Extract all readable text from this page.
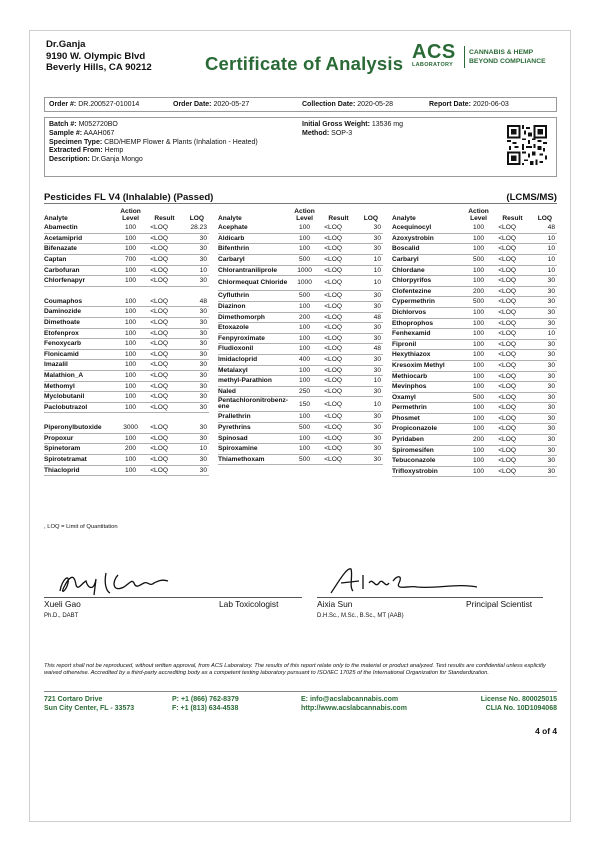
Dr.Ganja
9190 W. Olympic Blvd
Beverly Hills, CA 90212	Certificate of Analysis
ACS
LABORATORY
CANNABIS & HEMP
BEYOND COMPLIANCE
Order #: DR.200527-010014	Order Date: 2020-05-27	Collection Date: 2020-05-28	Report Date: 2020-06-03
Batch #: M052720BO
Sample #: AAAH067
Specimen Type: CBD/HEMP Flower & Plants (Inhalation - Heated)
Extracted From: Hemp
Description: Dr.Ganja Mongo
Initial Gross Weight: 13536 mg
Method: SOP-3
Pesticides FL V4 (Inhalable) (Passed)	(LCMS/MS)
Analyte	Action
Level	Result	LOQ
Abamectin	100	<LOQ	28.23
Acetamiprid	100	<LOQ	30
Bifenazate	100	<LOQ	30
Captan	700	<LOQ	30
Carbofuran	100	<LOQ	10
Chlorfenapyr	100	<LOQ	30

Coumaphos	100	<LOQ	48
Daminozide	100	<LOQ	30
Dimethoate	100	<LOQ	30
Etofenprox	100	<LOQ	30
Fenoxycarb	100	<LOQ	30
Flonicamid	100	<LOQ	30
Imazalil	100	<LOQ	30
Malathion_A	100	<LOQ	30
Methomyl	100	<LOQ	30
Myclobutanil	100	<LOQ	30
Paclobutrazol	100	<LOQ	30

Piperonylbutoxide	3000	<LOQ	30
Propoxur	100	<LOQ	30
Spinetoram	200	<LOQ	10
Spirotetramat	100	<LOQ	30
Thiacloprid	100	<LOQ	30
Analyte	Action
Level	Result	LOQ
Acephate	100	<LOQ	30
Aldicarb	100	<LOQ	30
Bifenthrin	100	<LOQ	30
Carbaryl	500	<LOQ	10
Chlorantraniliprole	1000	<LOQ	10
Chlormequat Chloride	1000	<LOQ	10
Cyfluthrin	500	<LOQ	30
Diazinon	100	<LOQ	30
Dimethomorph	200	<LOQ	48
Etoxazole	100	<LOQ	30
Fenpyroximate	100	<LOQ	30
Fludioxonil	100	<LOQ	48
Imidacloprid	400	<LOQ	30
Metalaxyl	100	<LOQ	30
methyl-Parathion	100	<LOQ	10
Naled	250	<LOQ	30
Pentachloronitrobenz-ene	150	<LOQ	10
Prallethrin	100	<LOQ	30
Pyrethrins	500	<LOQ	30
Spinosad	100	<LOQ	30
Spiroxamine	100	<LOQ	30
Thiamethoxam	500	<LOQ	30
Analyte	Action
Level	Result	LOQ
Acequinocyl	100	<LOQ	48
Azoxystrobin	100	<LOQ	10
Boscalid	100	<LOQ	10
Carbaryl	500	<LOQ	10
Chlordane	100	<LOQ	10
Chlorpyrifos	100	<LOQ	30
Clofentezine	200	<LOQ	30
Cypermethrin	500	<LOQ	30
Dichlorvos	100	<LOQ	30
Ethoprophos	100	<LOQ	30
Fenhexamid	100	<LOQ	10
Fipronil	100	<LOQ	30
Hexythiazox	100	<LOQ	30
Kresoxim Methyl	100	<LOQ	30
Methiocarb	100	<LOQ	30
Mevinphos	100	<LOQ	30
Oxamyl	500	<LOQ	30
Permethrin	100	<LOQ	30
Phosmet	100	<LOQ	30
Propiconazole	100	<LOQ	30
Pyridaben	200	<LOQ	30
Spiromesifen	100	<LOQ	30
Tebuconazole	100	<LOQ	30
Trifloxystrobin	100	<LOQ	30
, LOQ = Limit of Quantitation
Xueli Gao
Ph.D., DABT
Lab Toxicologist	Aixia Sun
D.H.Sc., M.Sc., B.Sc., MT (AAB)
Principal Scientist
This report shall not be reproduced, without written approval, from ACS Laboratory. The results of this report relate only to the material or product analyzed. Test results are confidential unless explicitly waived otherwise. Accredited by a third-party accrediting body as a competent testing laboratory pursuant to ISO/IEC 17025 of the International Organization for Standardization.
721 Cortaro Drive
Sun City Center, FL - 33573
P: +1 (866) 762-8379
F: +1 (813) 634-4538
E: info@acslabcannabis.com
http://www.acslabcannabis.com
License No. 800025015
CLIA No. 10D1094068
4 of 4
